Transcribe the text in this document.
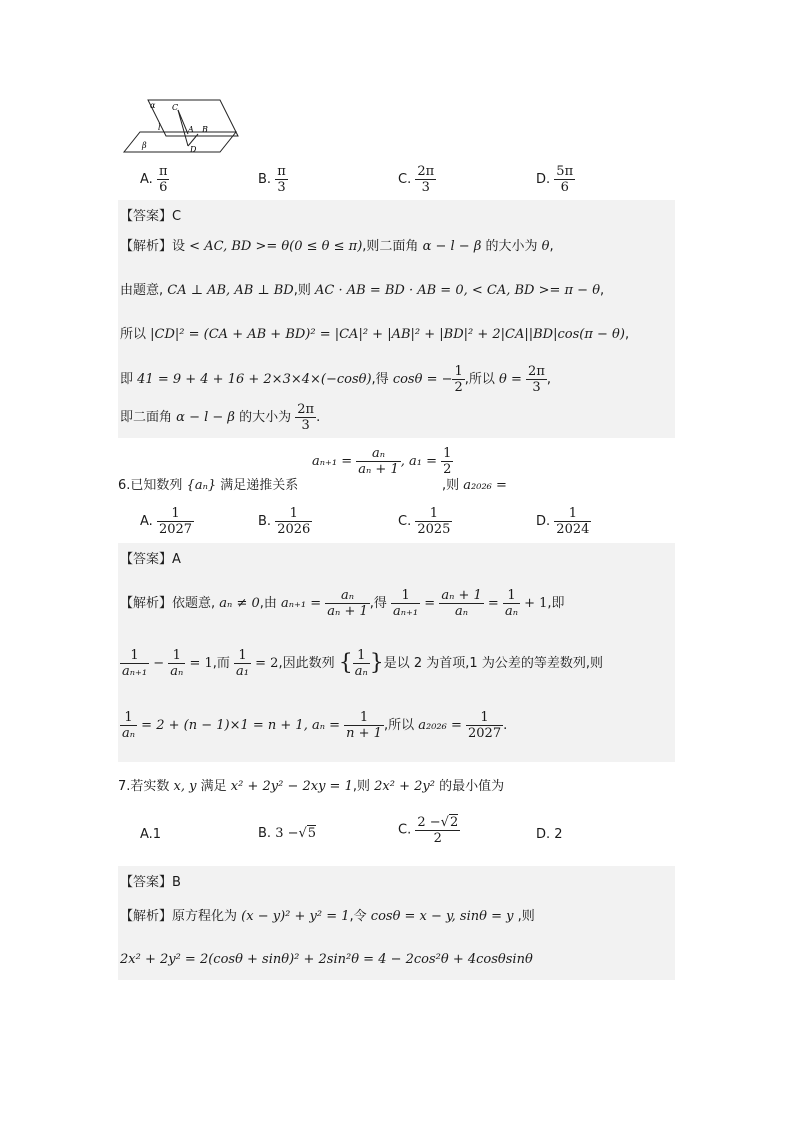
α C
l	A B
β	D
A. $\frac{\pi}{6}$	B. $\frac{\pi}{3}$	C. $\frac{2\pi}{3}$	D. $\frac{5\pi}{6}$
【答案】C
【解析】设 < AC, BD >= θ(0 ≤ θ ≤ π),则二面角 α − l − β 的大小为 θ,
由题意, CA ⊥ AB, AB ⊥ BD,则 AC · AB = BD · AB = 0, < CA, BD >= π − θ,
所以 |CD|² = (CA + AB + BD)² = |CA|² + |AB|² + |BD|² + 2|CA||BD|cos(π − θ),
即 41 = 9 + 4 + 16 + 2×3×4×(−cosθ),得 cosθ = − $\frac{1}{2}$ ,所以 $\theta = \frac{2\pi}{3}$ ,
即二面角 α − l − β 的大小为 $\frac{2\pi}{3}$ .
$a_{n+1} = \frac{\text{aₙ}}{\text{aₙ + 1}}$ , $a_1 = \frac{1}{2}$
6.已知数列 {aₙ} 满足递推关系	,则 a₂₀₂₆ =
A. $\frac{1}{2027}$	B. $\frac{1}{2026}$	C. $\frac{1}{2025}$	D. $\frac{1}{2024}$
【答案】A
【解析】依题意, aₙ ≠ 0,由 $a_{n+1} = \frac{\text{aₙ}}{\text{aₙ + 1}}$ ,得 $\frac{1}{\text{aₙ₊₁}} = \frac{\text{aₙ + 1}}{\text{aₙ}} = \frac{1}{\text{aₙ}} + 1$,即
$\frac{1}{\text{aₙ₊₁}} - \frac{1}{\text{aₙ}} = 1$,而 $\frac{1}{\text{a₁}} = 2$,因此数列 { $\frac{1}{\text{aₙ}}$ }是以 2 为首项,1 为公差的等差数列,则
$\frac{1}{\text{aₙ}} = 2 + (n - 1)\times 1 = n + 1$, $a_n = \frac{1}{n + 1}$ ,所以 $a_{2026} = \frac{1}{2027}$ .
7.若实数 x, y 满足 x² + 2y² − 2xy = 1,则 2x² + 2y² 的最小值为
A.1	B. 3 −√5	C. $\frac{2 -√2}{2}$	D. 2
【答案】B
【解析】原方程化为 (x − y)² + y² = 1,令 cosθ = x − y, sinθ = y ,则
2x² + 2y² = 2(cosθ + sinθ)² + 2sin²θ = 4 − 2cos²θ + 4cosθsinθ
